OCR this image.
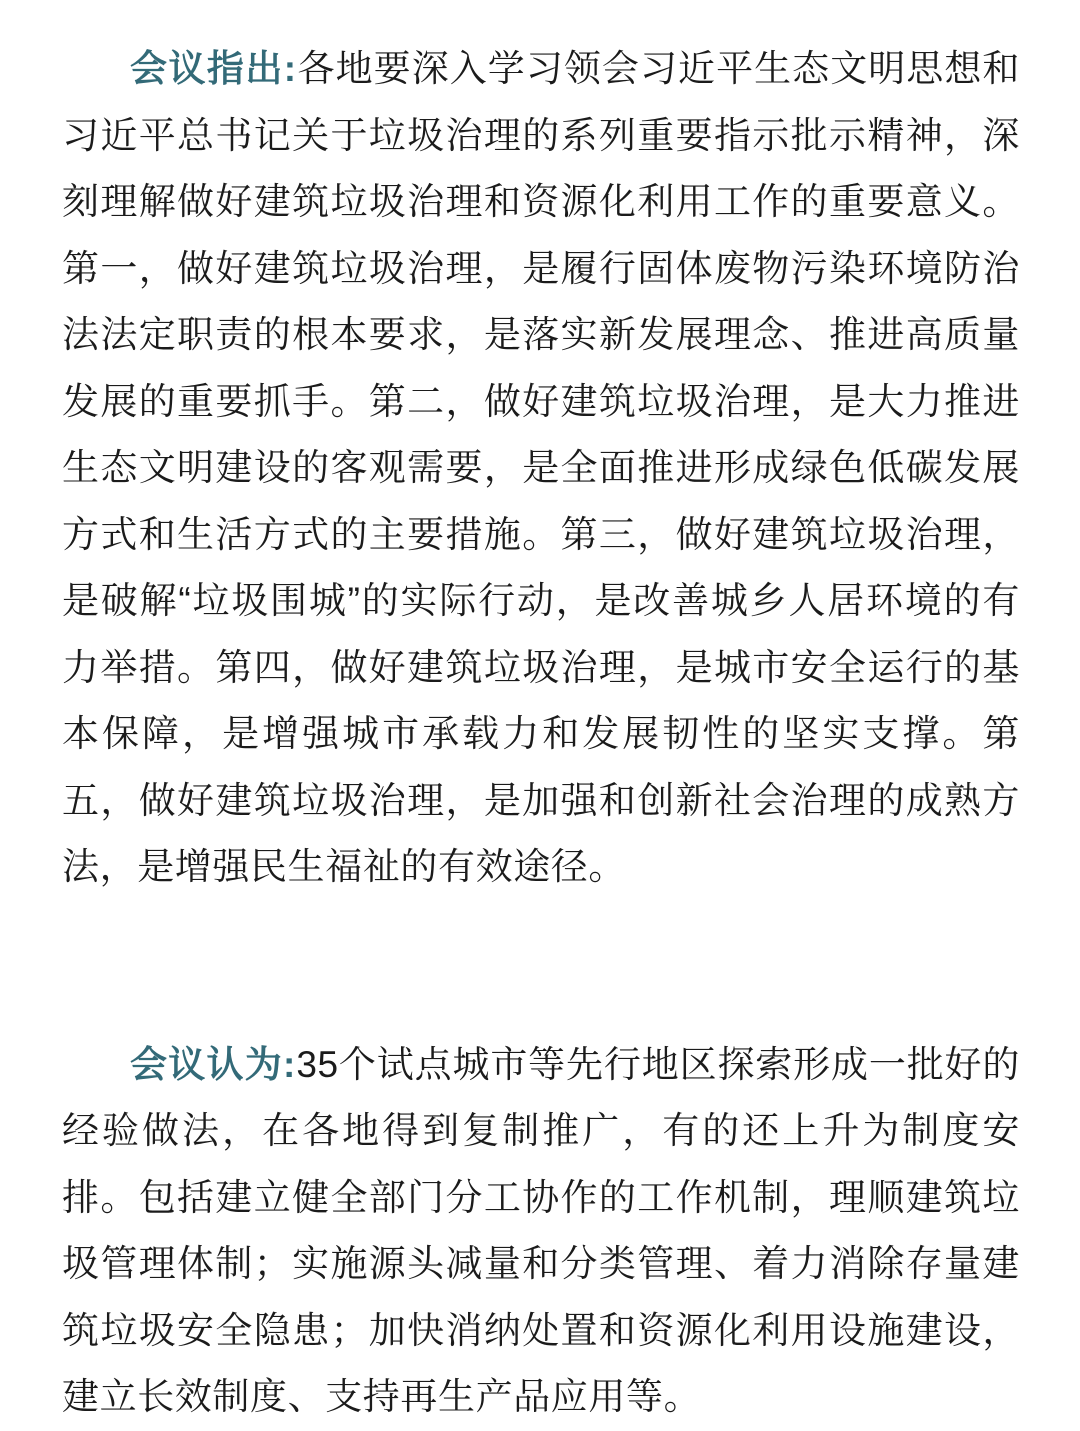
会议指出:各地要深入学习领会习近平生态文明思想和习近平总书记关于垃圾治理的系列重要指示批示精神，深刻理解做好建筑垃圾治理和资源化利用工作的重要意义。第一，做好建筑垃圾治理，是履行固体废物污染环境防治法法定职责的根本要求，是落实新发展理念、推进高质量发展的重要抓手。第二，做好建筑垃圾治理，是大力推进生态文明建设的客观需要，是全面推进形成绿色低碳发展方式和生活方式的主要措施。第三，做好建筑垃圾治理，是破解“垃圾围城”的实际行动，是改善城乡人居环境的有力举措。第四，做好建筑垃圾治理，是城市安全运行的基本保障，是增强城市承载力和发展韧性的坚实支撑。第五，做好建筑垃圾治理，是加强和创新社会治理的成熟方法，是增强民生福祉的有效途径。

会议认为:35个试点城市等先行地区探索形成一批好的经验做法，在各地得到复制推广，有的还上升为制度安排。包括建立健全部门分工协作的工作机制，理顺建筑垃圾管理体制；实施源头减量和分类管理、着力消除存量建筑垃圾安全隐患；加快消纳处置和资源化利用设施建设，建立长效制度、支持再生产品应用等。
